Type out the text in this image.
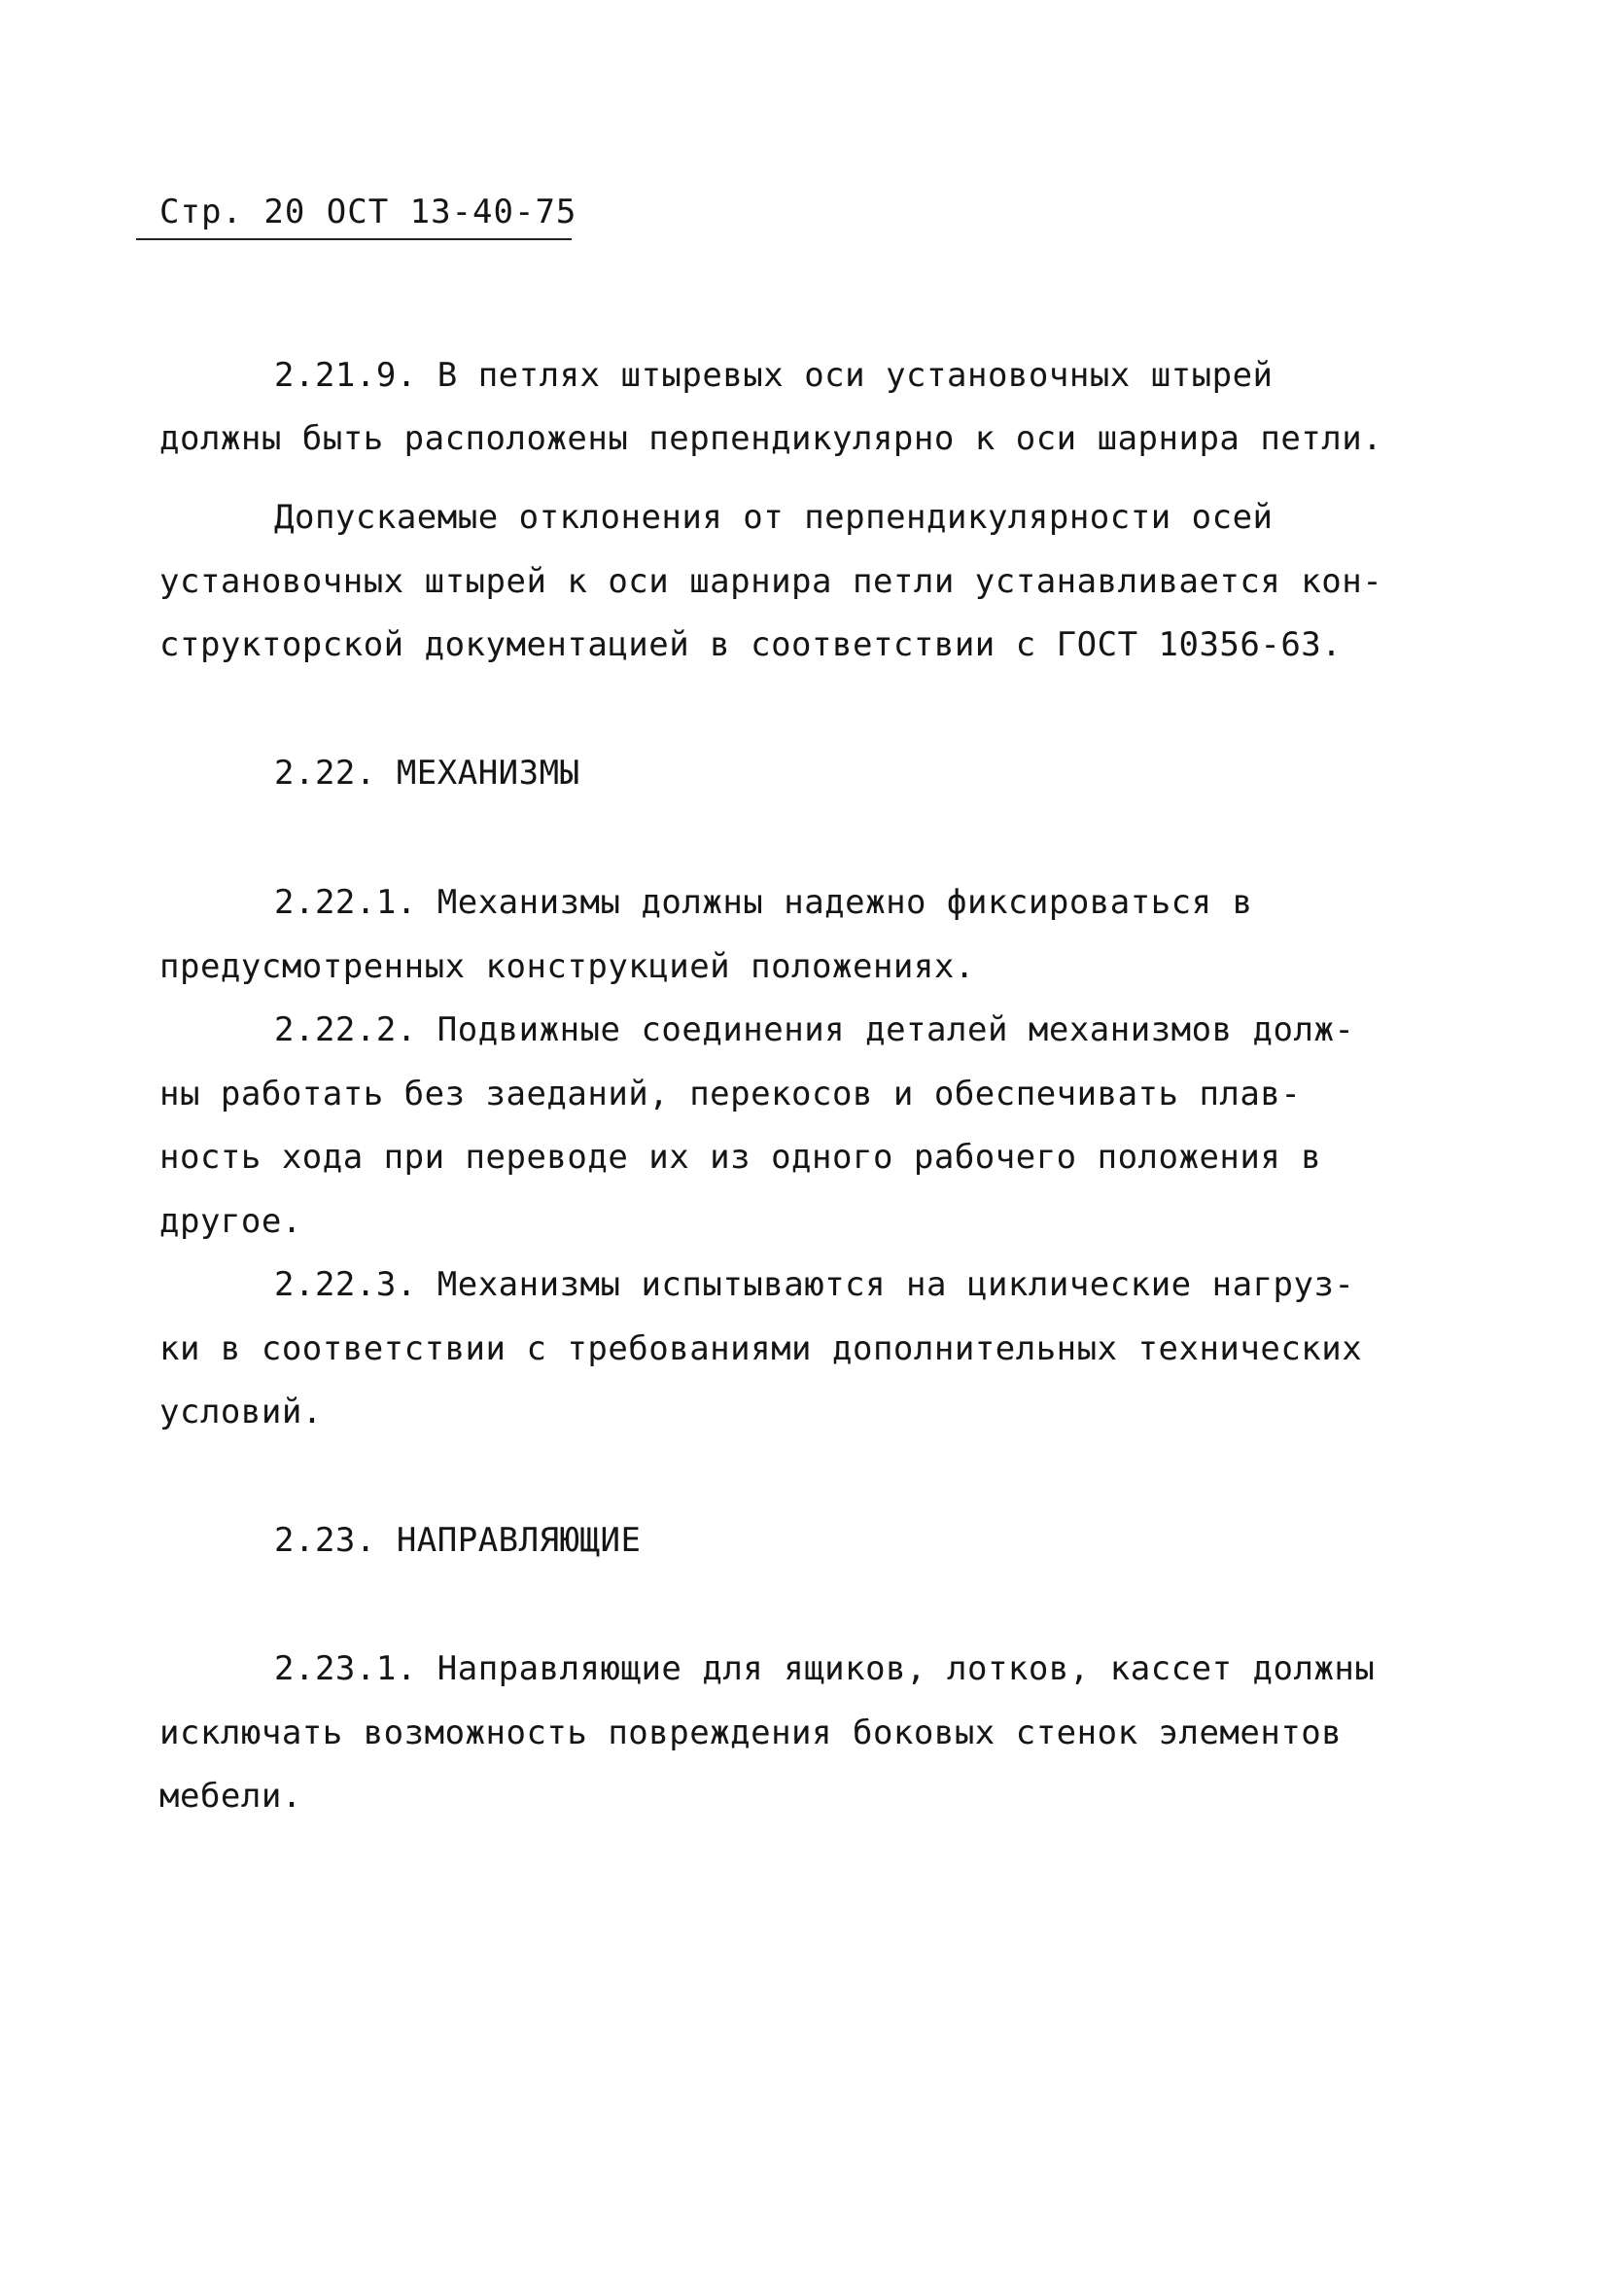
Стр. 20 ОСТ 13-40-75
2.21.9. В петлях штыревых оси установочных штырей
должны быть расположены перпендикулярно к оси шарнира петли.
Допускаемые отклонения от перпендикулярности осей
установочных штырей к оси шарнира петли устанавливается кон-
структорской документацией в соответствии с ГОСТ 10356-63.
2.22. МЕХАНИЗМЫ
2.22.1. Механизмы должны надежно фиксироваться в
предусмотренных конструкцией положениях.
2.22.2. Подвижные соединения деталей механизмов долж-
ны работать без заеданий, перекосов и обеспечивать плав-
ность хода при переводе их из одного рабочего положения в
другое.
2.22.3. Механизмы испытываются на циклические нагруз-
ки в соответствии с требованиями дополнительных технических
условий.
2.23. НАПРАВЛЯЮЩИЕ
2.23.1. Направляющие для ящиков, лотков, кассет должны
исключать возможность повреждения боковых стенок элементов
мебели.
